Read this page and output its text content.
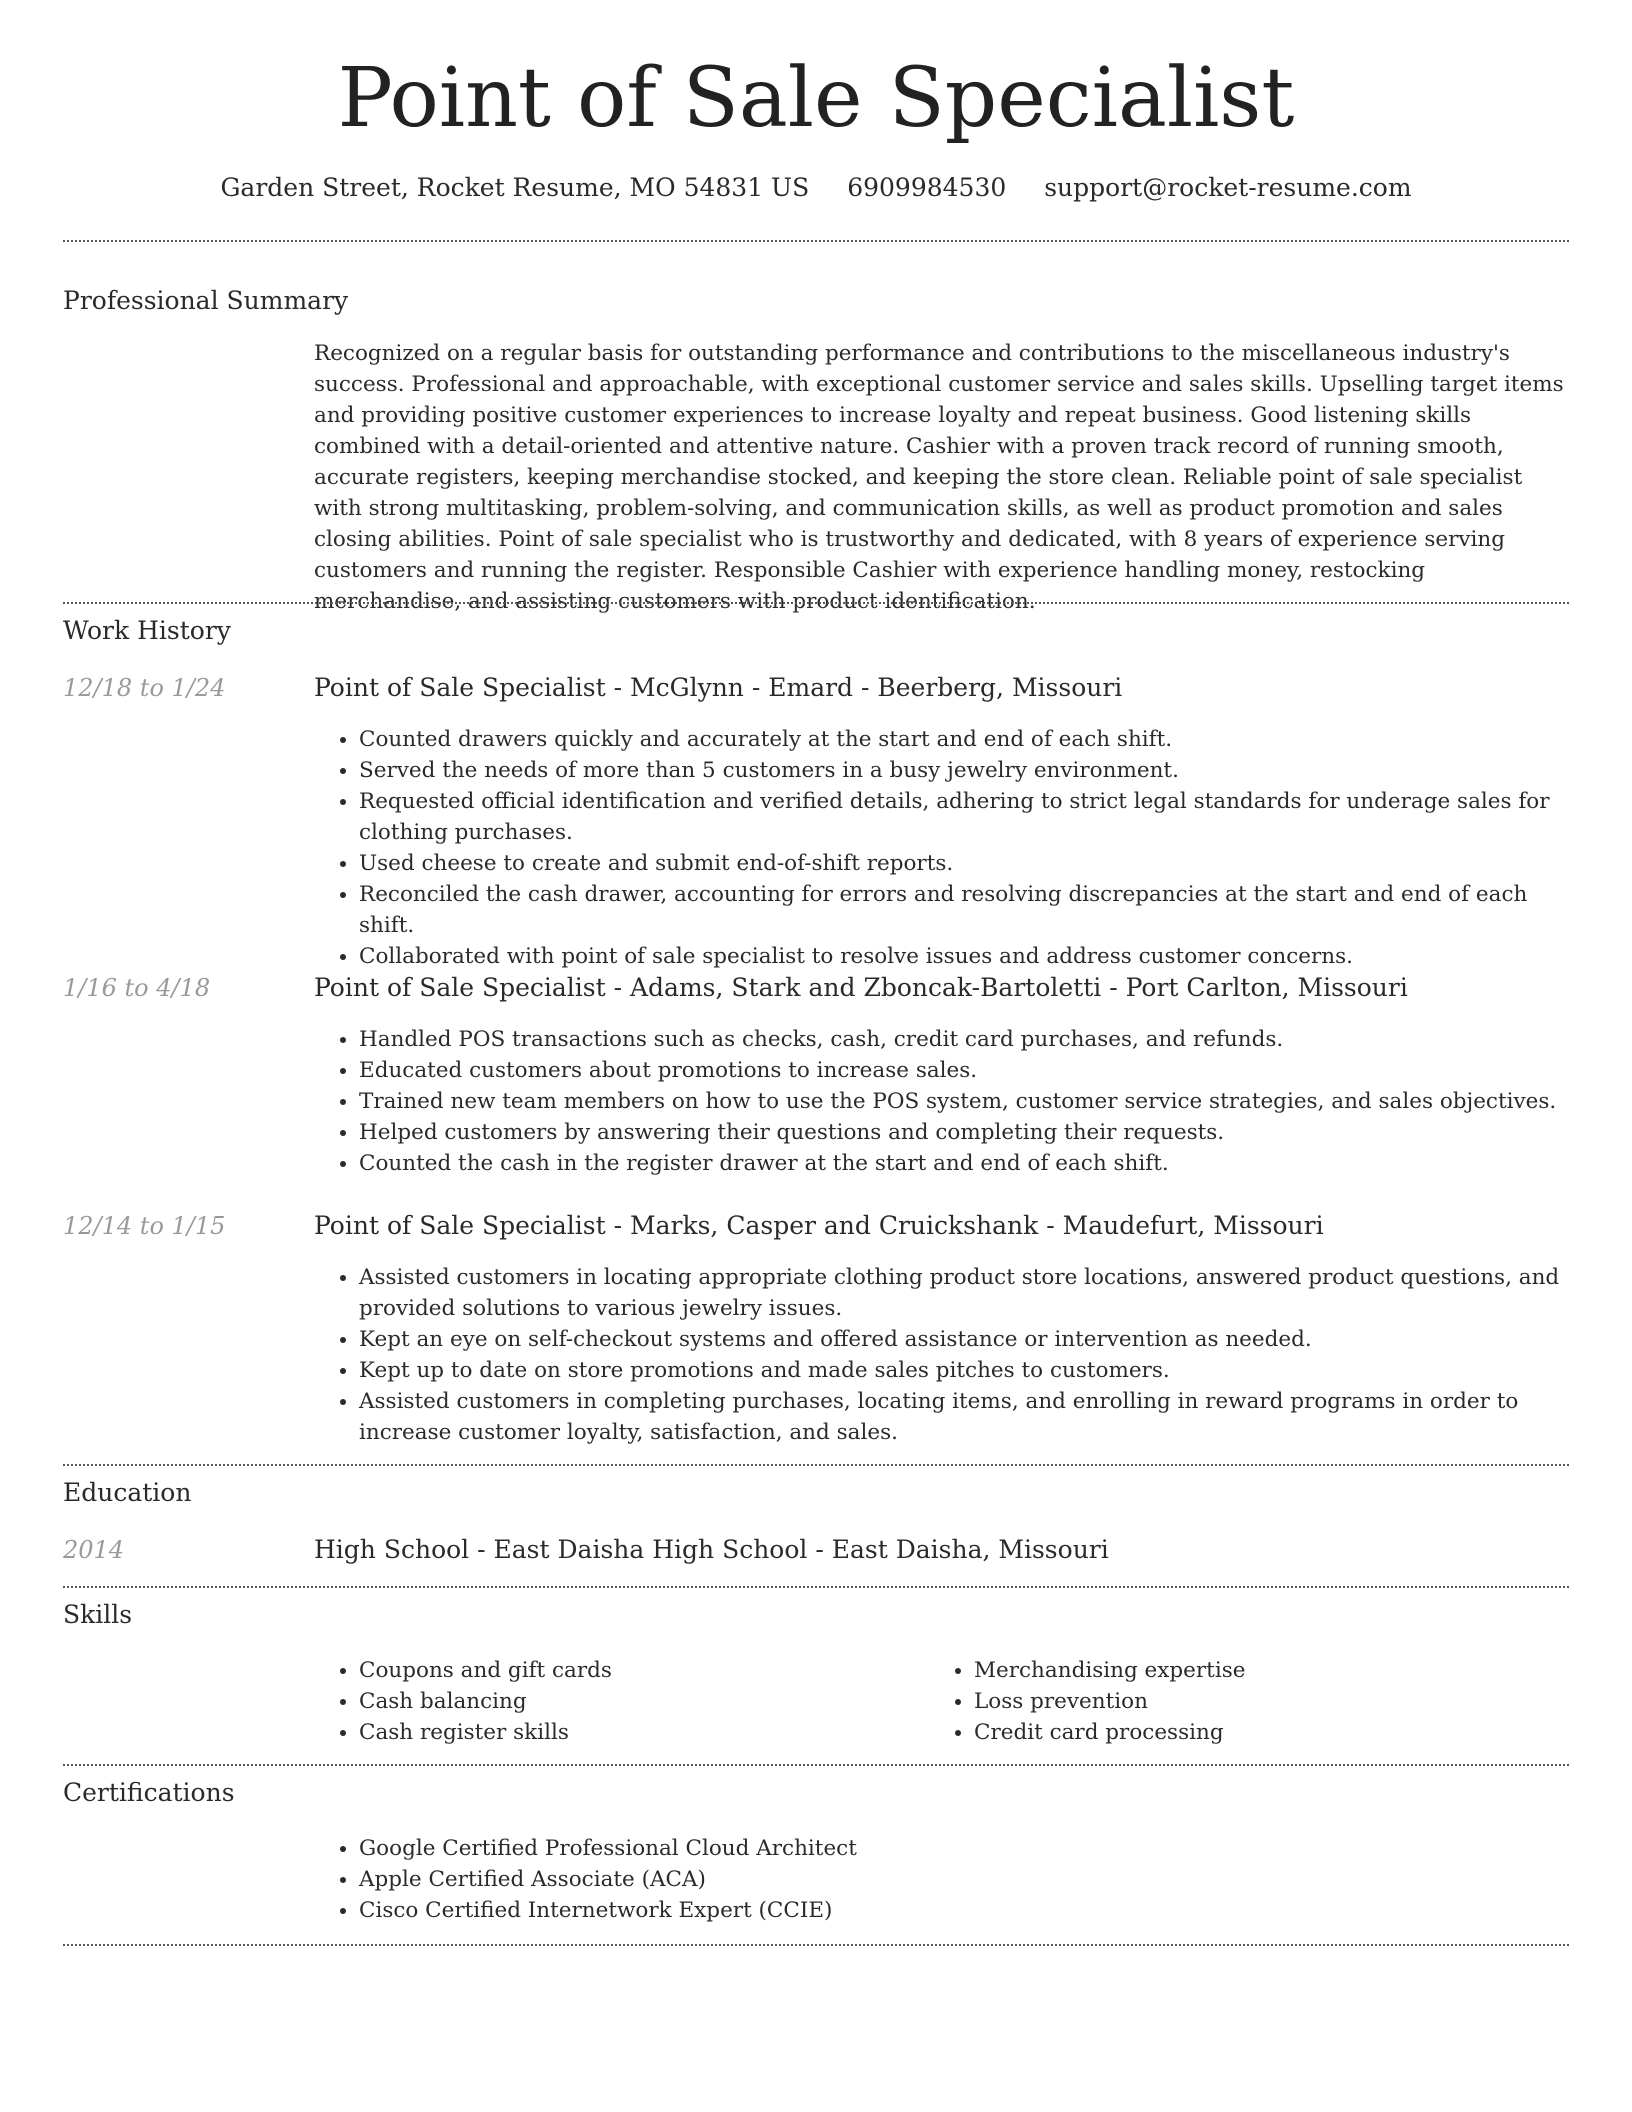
Point of Sale Specialist
Garden Street, Rocket Resume, MO 54831 US 6909984530 support@rocket-resume.com
Professional Summary

Recognized on a regular basis for outstanding performance and contributions to the miscellaneous industry's success. Professional and approachable, with exceptional customer service and sales skills. Upselling target items and providing positive customer experiences to increase loyalty and repeat business. Good listening skills combined with a detail-oriented and attentive nature. Cashier with a proven track record of running smooth, accurate registers, keeping merchandise stocked, and keeping the store clean. Reliable point of sale specialist with strong multitasking, problem-solving, and communication skills, as well as product promotion and sales closing abilities. Point of sale specialist who is trustworthy and dedicated, with 8 years of experience serving customers and running the register. Responsible Cashier with experience handling money, restocking merchandise, and assisting customers with product identification.

Work History
12/18 to 1/24	Point of Sale Specialist - McGlynn - Emard - Beerberg, Missouri
• Counted drawers quickly and accurately at the start and end of each shift.
• Served the needs of more than 5 customers in a busy jewelry environment.
• Requested official identification and verified details, adhering to strict legal standards for underage sales for clothing purchases.
• Used cheese to create and submit end-of-shift reports.
• Reconciled the cash drawer, accounting for errors and resolving discrepancies at the start and end of each shift.
• Collaborated with point of sale specialist to resolve issues and address customer concerns.
1/16 to 4/18	Point of Sale Specialist - Adams, Stark and Zboncak-Bartoletti - Port Carlton, Missouri
• Handled POS transactions such as checks, cash, credit card purchases, and refunds.
• Educated customers about promotions to increase sales.
• Trained new team members on how to use the POS system, customer service strategies, and sales objectives.
• Helped customers by answering their questions and completing their requests.
• Counted the cash in the register drawer at the start and end of each shift.
12/14 to 1/15	Point of Sale Specialist - Marks, Casper and Cruickshank - Maudefurt, Missouri
• Assisted customers in locating appropriate clothing product store locations, answered product questions, and provided solutions to various jewelry issues.
• Kept an eye on self-checkout systems and offered assistance or intervention as needed.
• Kept up to date on store promotions and made sales pitches to customers.
• Assisted customers in completing purchases, locating items, and enrolling in reward programs in order to increase customer loyalty, satisfaction, and sales.
Education
2014	High School - East Daisha High School - East Daisha, Missouri
Skills
• Coupons and gift cards
• Cash balancing
• Cash register skills
• Merchandising expertise
• Loss prevention
• Credit card processing
Certifications
• Google Certified Professional Cloud Architect
• Apple Certified Associate (ACA)
• Cisco Certified Internetwork Expert (CCIE)
